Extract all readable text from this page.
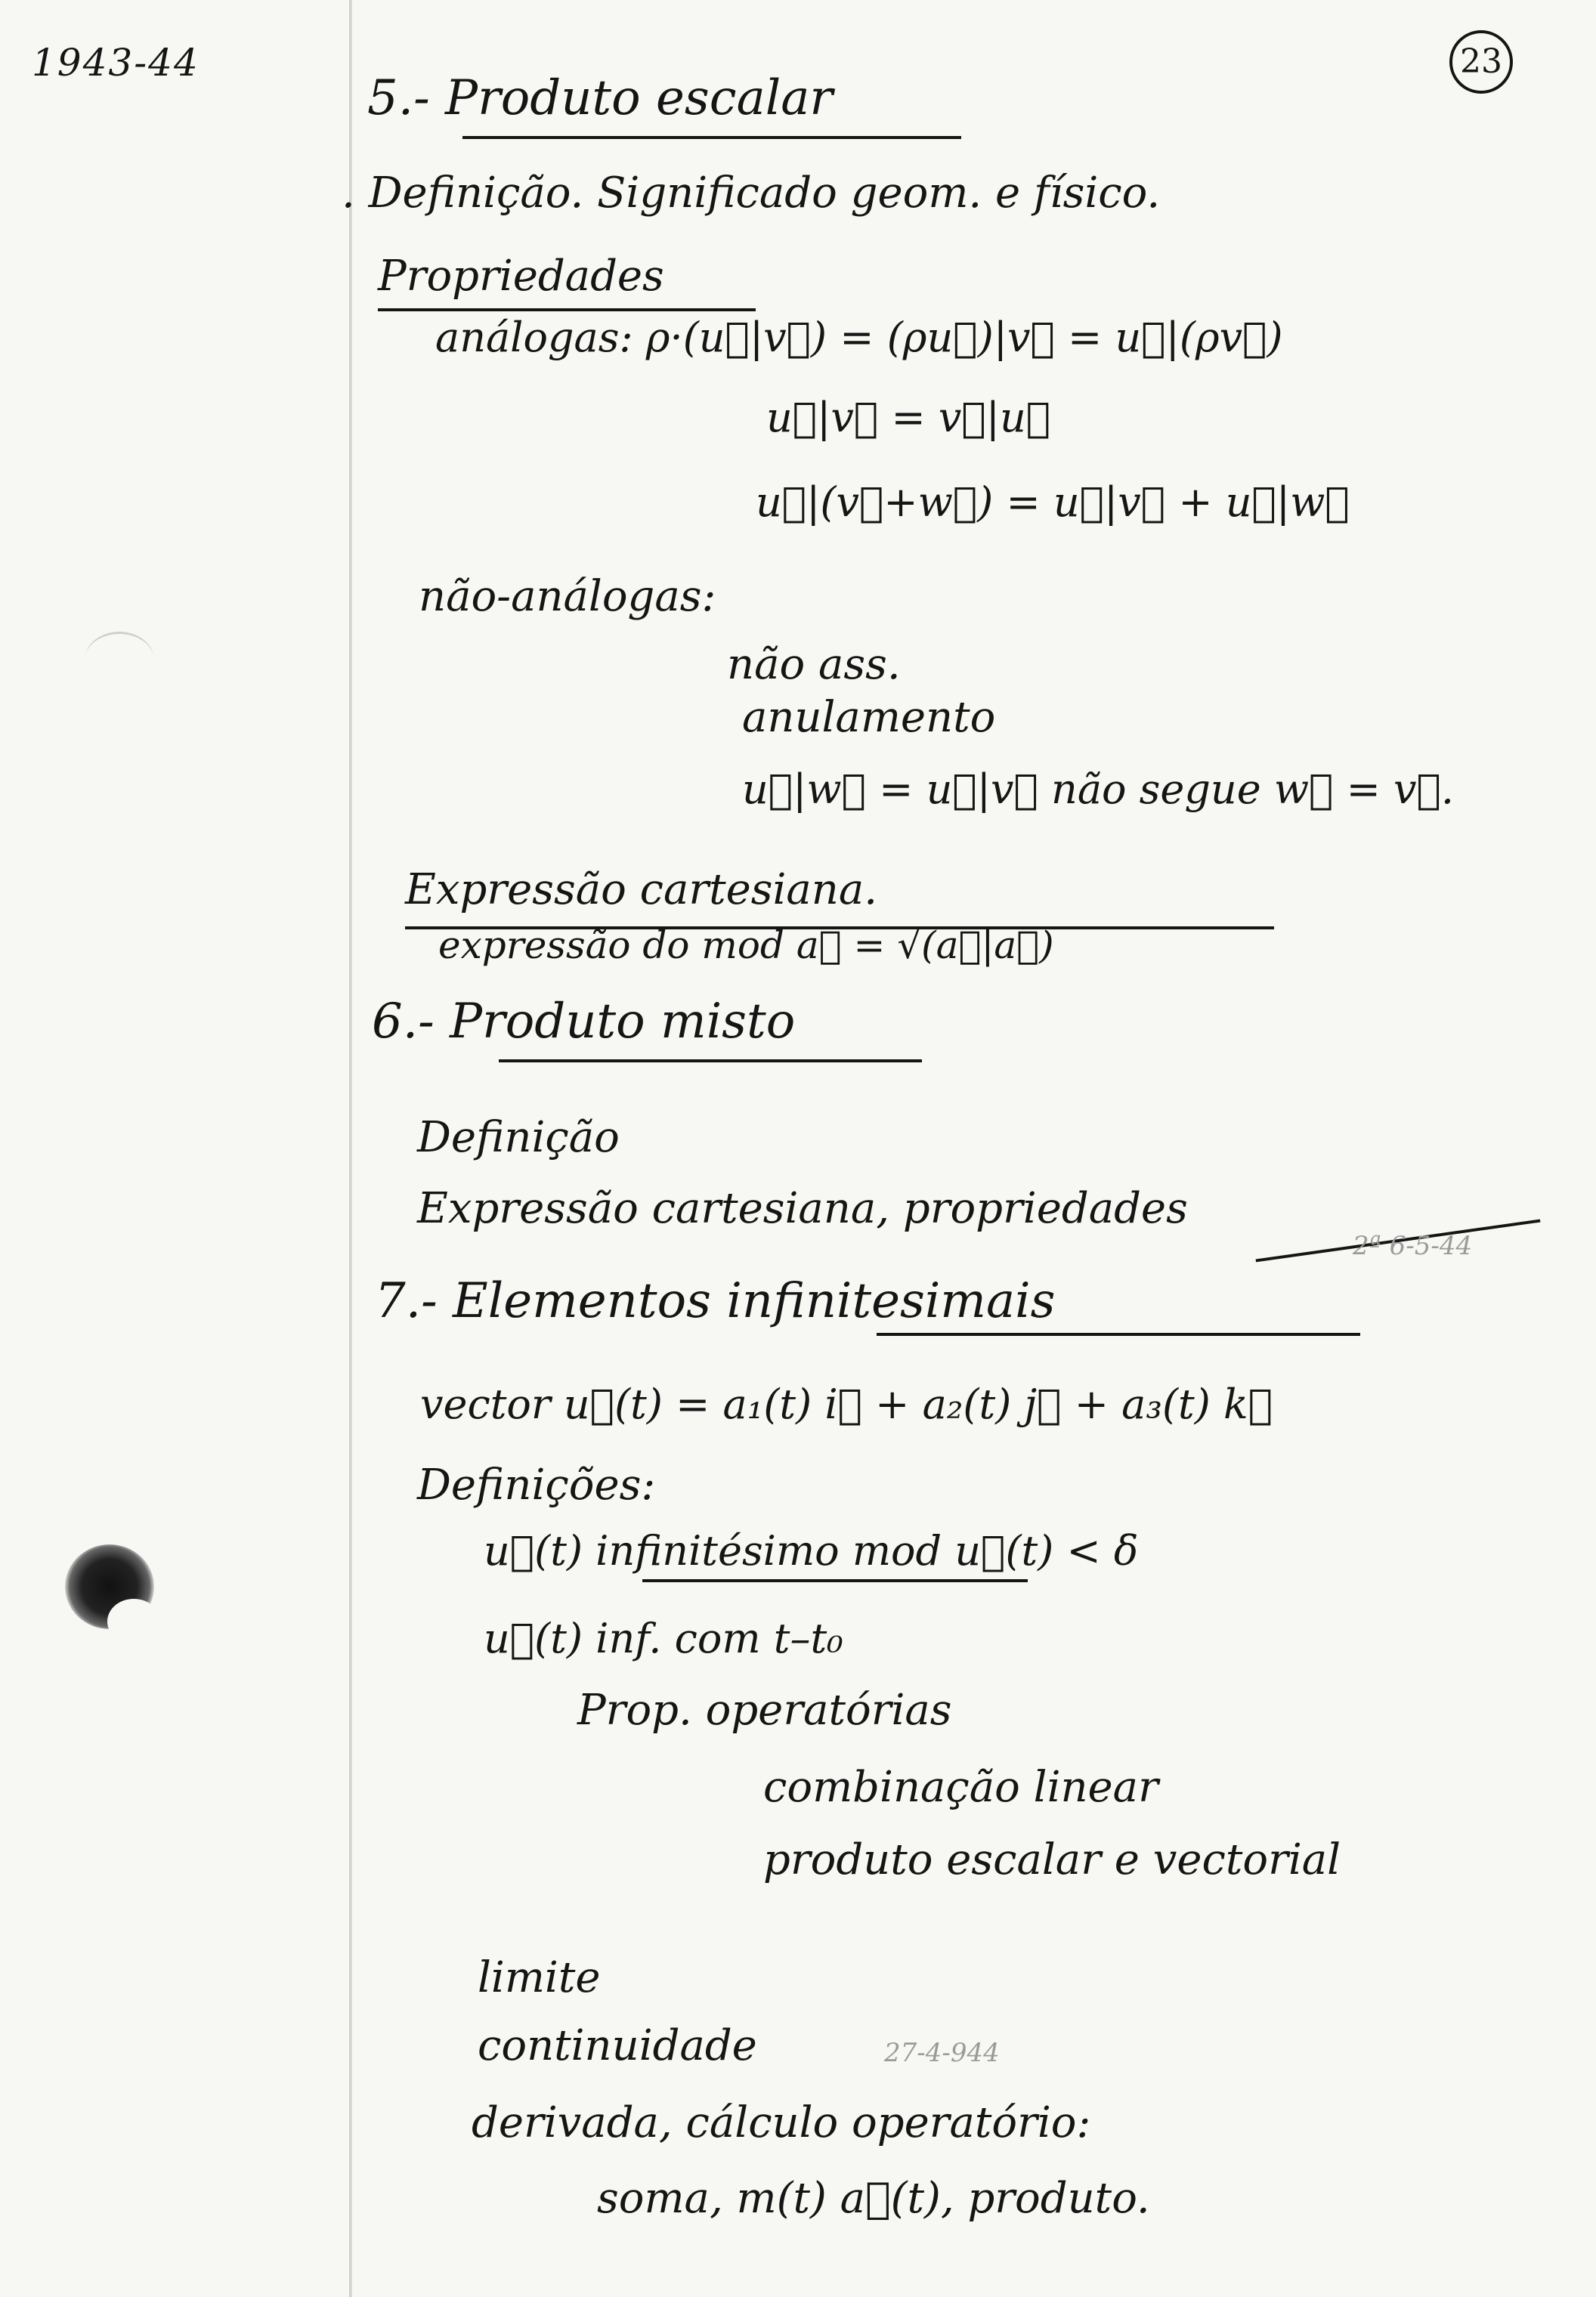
1943-44	23
5.- Produto escalar
. Definição. Significado geom. e físico.
Propriedades
análogas: ρ·(u⃗|v⃗) = (ρu⃗)|v⃗ = u⃗|(ρv⃗)
u⃗|v⃗ = v⃗|u⃗
u⃗|(v⃗+w⃗) = u⃗|v⃗ + u⃗|w⃗
não-análogas:
não ass.
anulamento
u⃗|w⃗ = u⃗|v⃗ não segue w⃗ = v⃗.
Expressão cartesiana.
expressão do mod a⃗ = √(a⃗|a⃗)
6.- Produto misto
Definição
Expressão cartesiana, propriedades
2ª 6-5-44
7.- Elementos infinitesimais
vector u⃗(t) = a₁(t) i⃗ + a₂(t) j⃗ + a₃(t) k⃗
Definições:
u⃗(t) infinitésimo mod u⃗(t) < δ
u⃗(t) inf. com t–t₀
Prop. operatórias
combinação linear
produto escalar e vectorial
limite
continuidade	27-4-944
derivada, cálculo operatório:
soma, m(t) a⃗(t), produto.
